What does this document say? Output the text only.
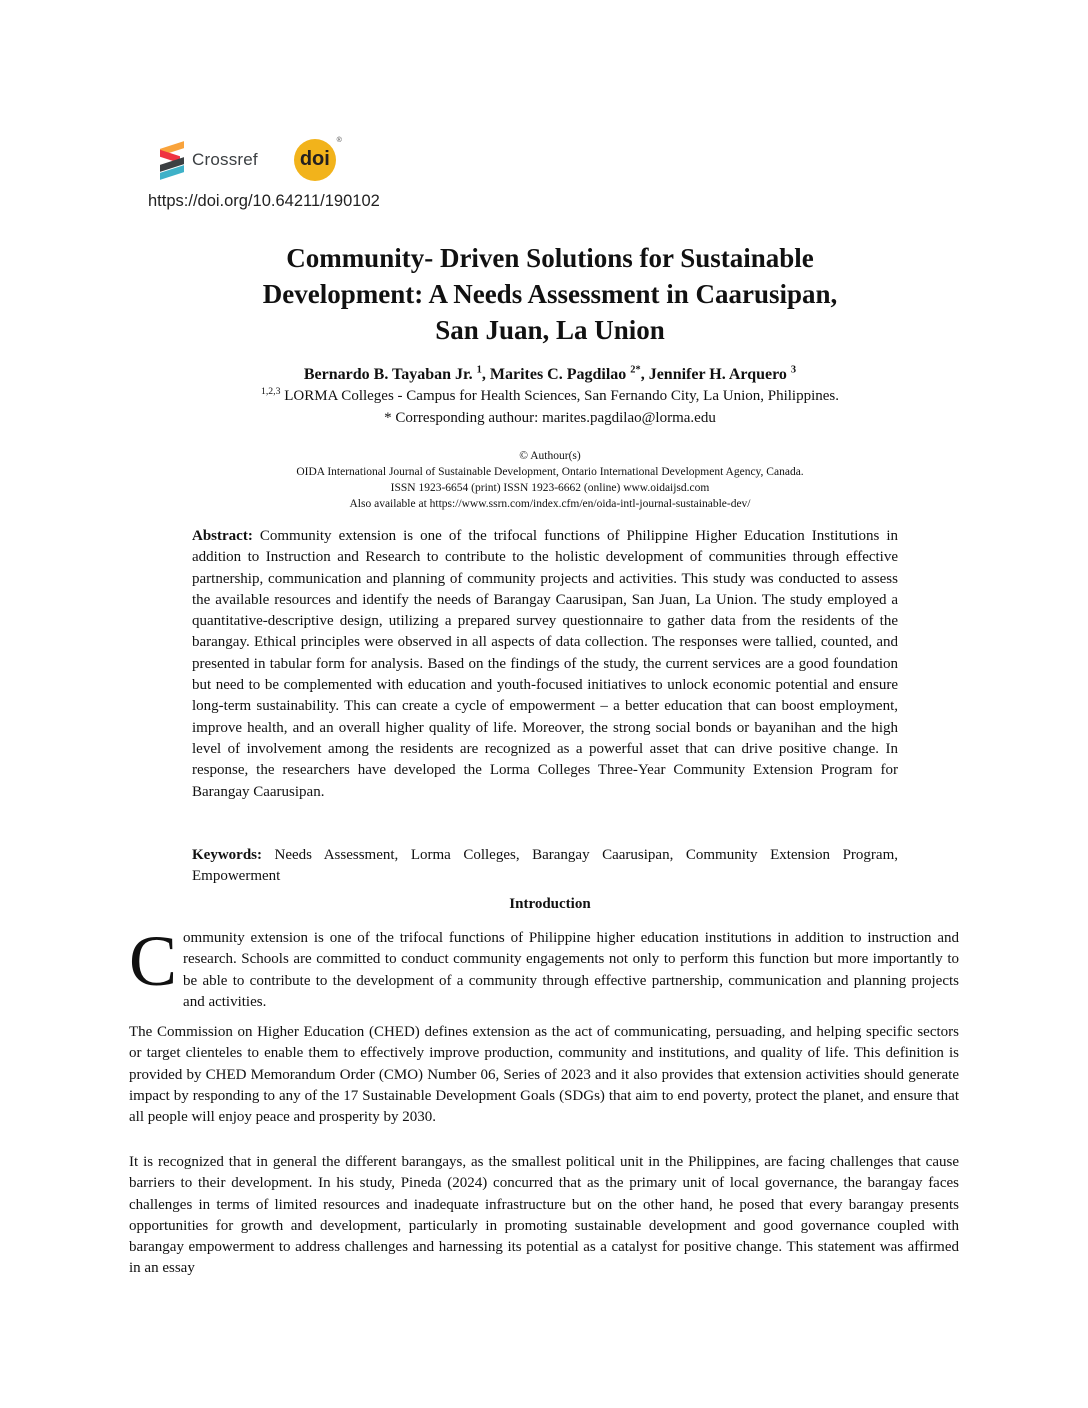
Crossref doi
®
https://doi.org/10.64211/190102
Community- Driven Solutions for Sustainable
Development: A Needs Assessment in Caarusipan,
San Juan, La Union
Bernardo B. Tayaban Jr. $^1$, Marites C. Pagdilao $^{2*}$, Jennifer H. Arquero $^3$
$^{1,2,3}$ LORMA Colleges - Campus for Health Sciences, San Fernando City, La Union, Philippines.
* Corresponding authour: marites.pagdilao@lorma.edu
© Authour(s)
OIDA International Journal of Sustainable Development, Ontario International Development Agency, Canada.
ISSN 1923-6654 (print) ISSN 1923-6662 (online) www.oidaijsd.com
Also available at https://www.ssrn.com/index.cfm/en/oida-intl-journal-sustainable-dev/
Abstract: Community extension is one of the trifocal functions of Philippine Higher Education Institutions in addition to Instruction and Research to contribute to the holistic development of communities through effective partnership, communication and planning of community projects and activities. This study was conducted to assess the available resources and identify the needs of Barangay Caarusipan, San Juan, La Union. The study employed a quantitative-descriptive design, utilizing a prepared survey questionnaire to gather data from the residents of the barangay. Ethical principles were observed in all aspects of data collection. The responses were tallied, counted, and presented in tabular form for analysis. Based on the findings of the study, the current services are a good foundation but need to be complemented with education and youth-focused initiatives to unlock economic potential and ensure long-term sustainability. This can create a cycle of empowerment – a better education that can boost employment, improve health, and an overall higher quality of life. Moreover, the strong social bonds or bayanihan and the high level of involvement among the residents are recognized as a powerful asset that can drive positive change. In response, the researchers have developed the Lorma Colleges Three-Year Community Extension Program for Barangay Caarusipan.
Keywords: Needs Assessment, Lorma Colleges, Barangay Caarusipan, Community Extension Program, Empowerment
Introduction
Community extension is one of the trifocal functions of Philippine higher education institutions in addition to instruction and research. Schools are committed to conduct community engagements not only to perform this function but more importantly to be able to contribute to the development of a community through effective partnership, communication and planning projects and activities.
The Commission on Higher Education (CHED) defines extension as the act of communicating, persuading, and helping specific sectors or target clienteles to enable them to effectively improve production, community and institutions, and quality of life. This definition is provided by CHED Memorandum Order (CMO) Number 06, Series of 2023 and it also provides that extension activities should generate impact by responding to any of the 17 Sustainable Development Goals (SDGs) that aim to end poverty, protect the planet, and ensure that all people will enjoy peace and prosperity by 2030.
It is recognized that in general the different barangays, as the smallest political unit in the Philippines, are facing challenges that cause barriers to their development. In his study, Pineda (2024) concurred that as the primary unit of local governance, the barangay faces challenges in terms of limited resources and inadequate infrastructure but on the other hand, he posed that every barangay presents opportunities for growth and development, particularly in promoting sustainable development and good governance coupled with barangay empowerment to address challenges and harnessing its potential as a catalyst for positive change. This statement was affirmed in an essay
